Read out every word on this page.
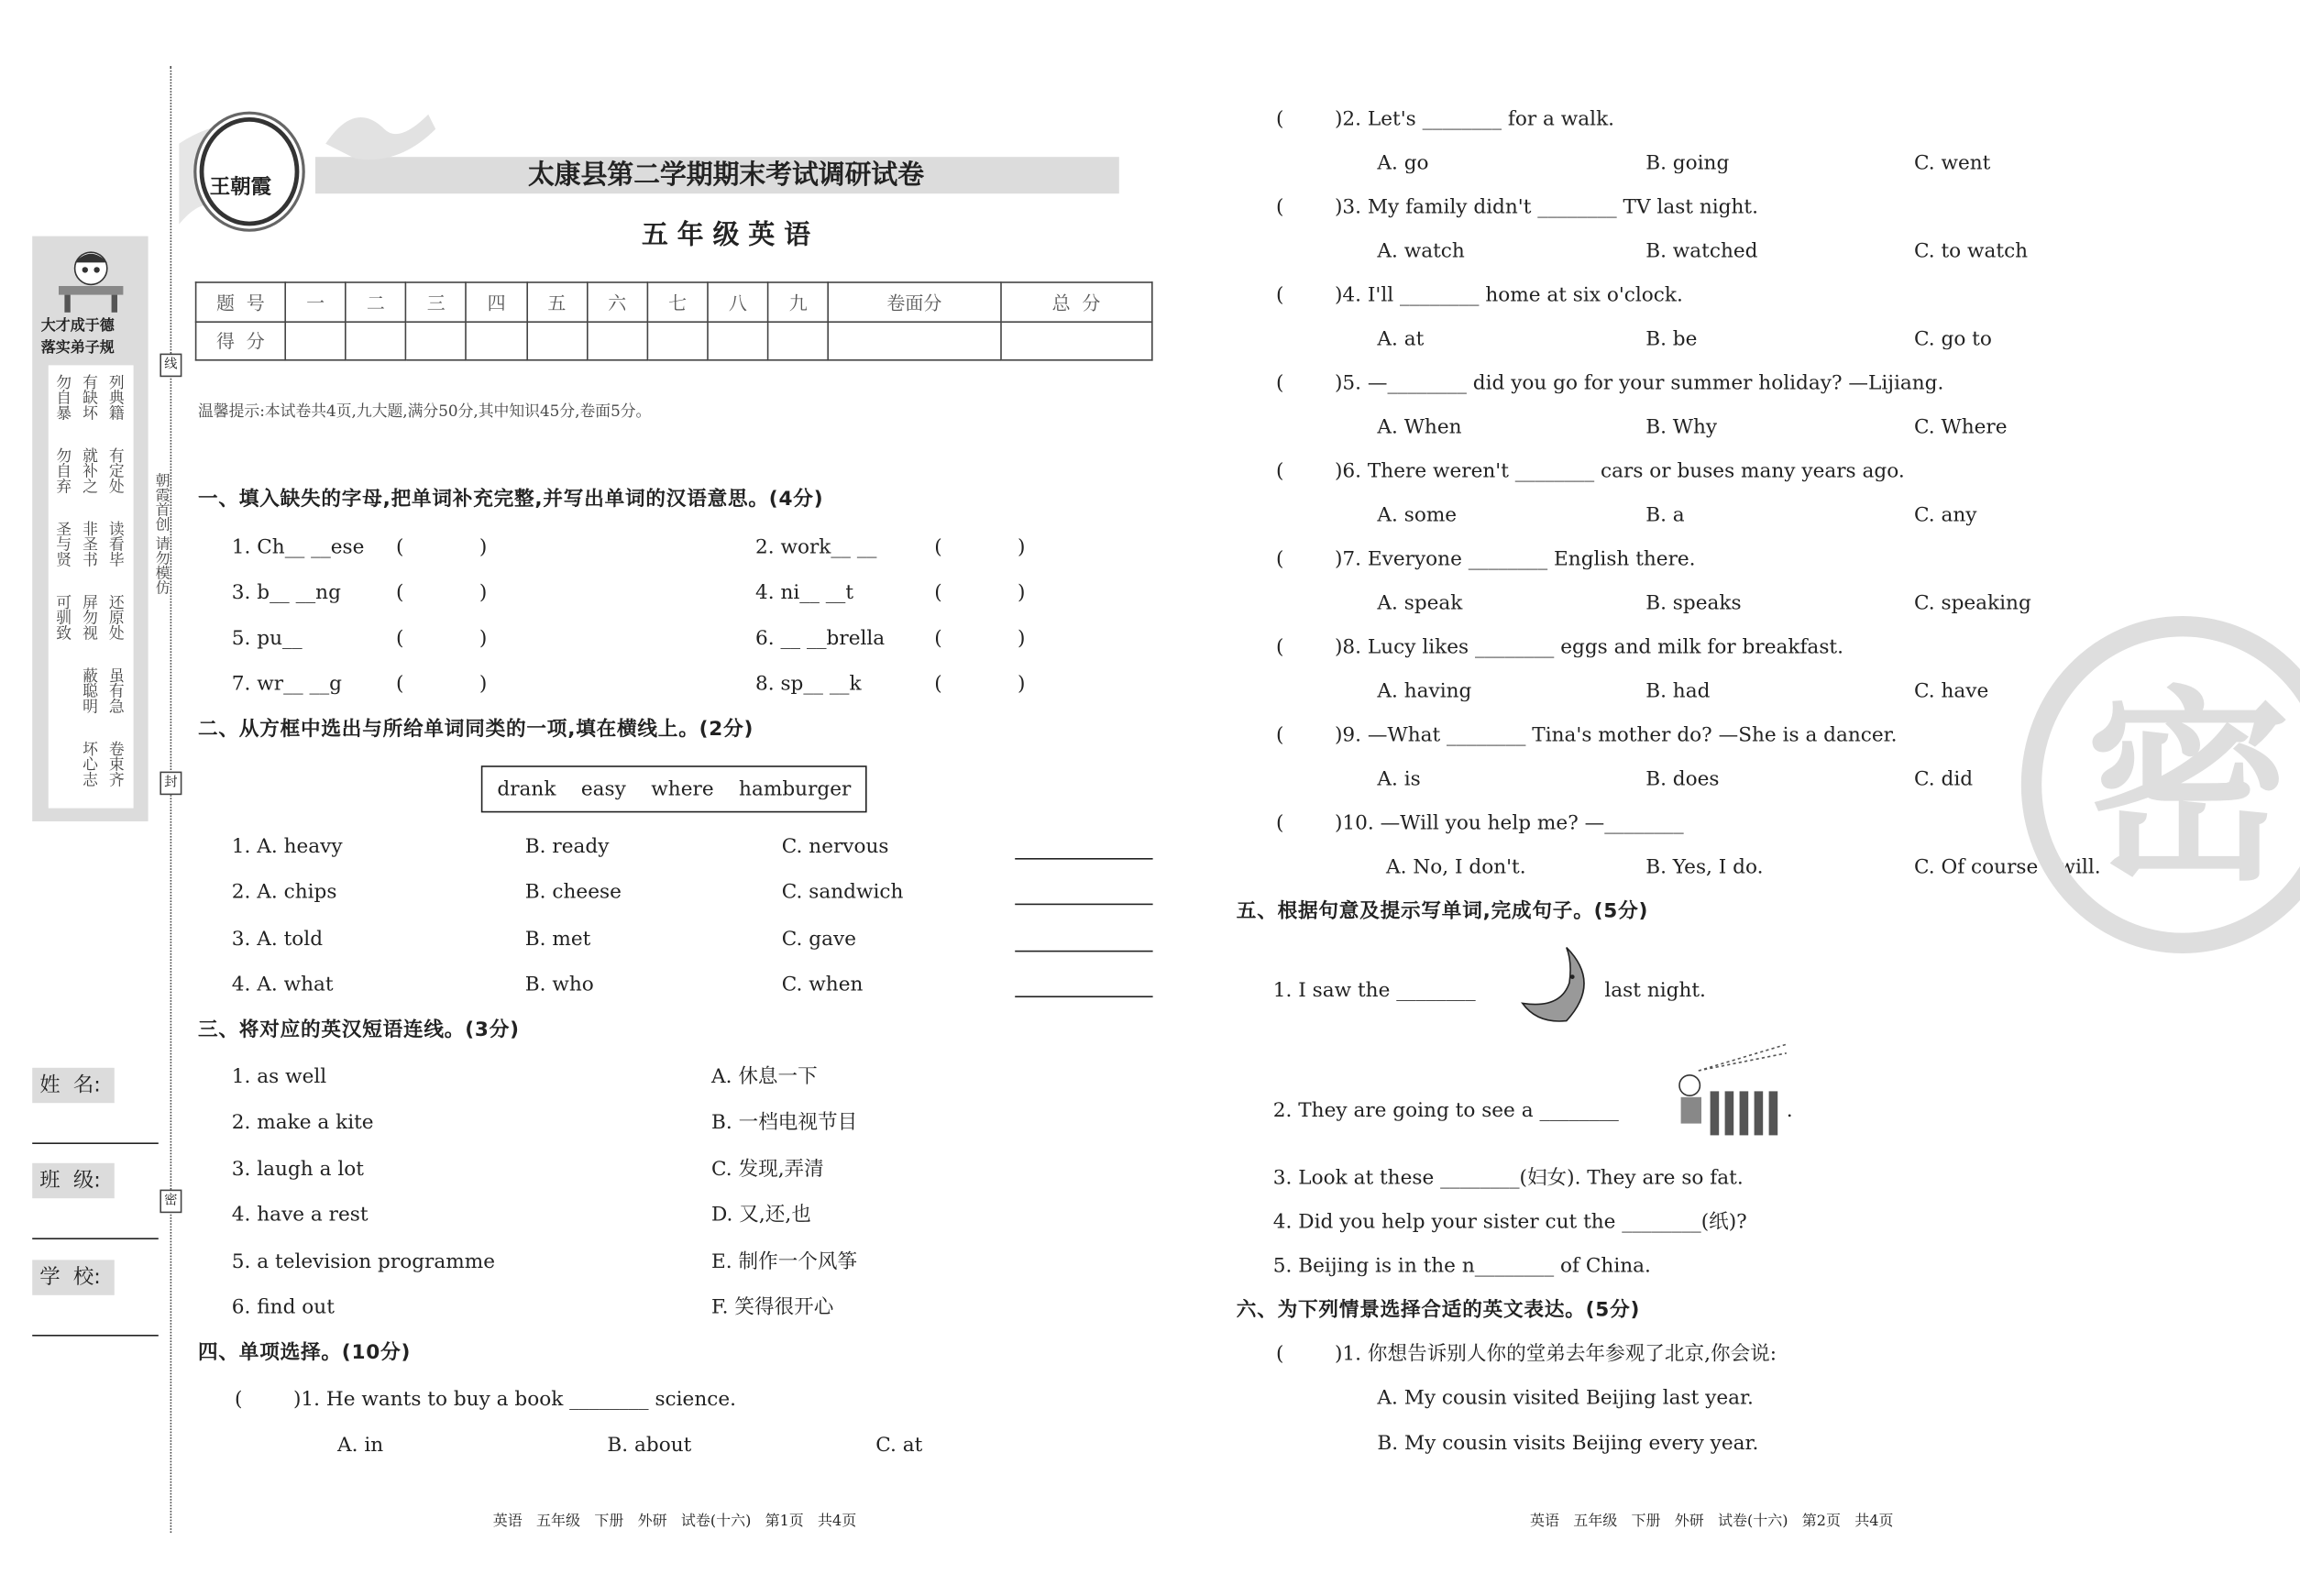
大才成于德
落实弟子规
列典籍
有定处
读看毕
还原处
虽有急
卷束齐
有缺坏
就补之
非圣书
屏勿视
蔽聪明
坏心志
勿自暴
勿自弃
圣与贤
可驯致
姓  名:
班  级:
学  校:
线
封
密
朝霞首创 请勿模仿
王朝霞	太康县第二学期期末考试调研试卷
五 年 级 英 语
题  号	一	二	三	四	五	六	七	八	九	卷面分	总  分
得  分											
温馨提示:本试卷共4页,九大题,满分50分,其中知识45分,卷面5分。
一、填入缺失的字母,把单词补充完整,并写出单词的汉语意思。(4分)
1. Ch__ __ese	(            )	2. work__ __	(            )
3. b__ __ng	(            )	4. ni__ __t	(            )
5. pu__	(            )	6. __ __brella	(            )
7. wr__ __g	(            )	8. sp__ __k	(            )
二、从方框中选出与所给单词同类的一项,填在横线上。(2分)
1. A. heavy	B. ready	C. nervous
2. A. chips	B. cheese	C. sandwich
3. A. told	B. met	C. gave
4. A. what	B. who	C. when
三、将对应的英汉短语连线。(3分)
1. as well	A. 休息一下
2. make a kite	B. 一档电视节目
3. laugh a lot	C. 发现,弄清
4. have a rest	D. 又,还,也
5. a television programme	E. 制作一个风筝
6. find out	F. 笑得很开心
四、单项选择。(10分)
(	)1. He wants to buy a book ________ science.
A. in	B. about	C. at
(	)2. Let's ________ for a walk.
A. go	B. going	C. went
(	)3. My family didn't ________ TV last night.
A. watch	B. watched	C. to watch
(	)4. I'll ________ home at six o'clock.
A. at	B. be	C. go to
(	)5. —________ did you go for your summer holiday? —Lijiang.
A. When	B. Why	C. Where
(	)6. There weren't ________ cars or buses many years ago.
A. some	B. a	C. any
(	)7. Everyone ________ English there.
A. speak	B. speaks	C. speaking
(	)8. Lucy likes ________ eggs and milk for breakfast.
A. having	B. had	C. have
(	)9. —What ________ Tina's mother do? —She is a dancer.
A. is	B. does	C. did
(	)10. —Will you help me? —________
A. No, I don't.	B. Yes, I do.	C. Of course I will.
五、根据句意及提示写单词,完成句子。(5分)
1. I saw the ________	last night.
2. They are going to see a ________	.
3. Look at these ________(妇女). They are so fat.
4. Did you help your sister cut the ________(纸)?
5. Beijing is in the n________ of China.
六、为下列情景选择合适的英文表达。(5分)
(	)1. 你想告诉别人你的堂弟去年参观了北京,你会说:
A. My cousin visited Beijing last year.
B. My cousin visits Beijing every year.
drank    easy    where    hamburger	密
英语   五年级   下册   外研   试卷(十六)   第1页   共4页	英语   五年级   下册   外研   试卷(十六)   第2页   共4页
